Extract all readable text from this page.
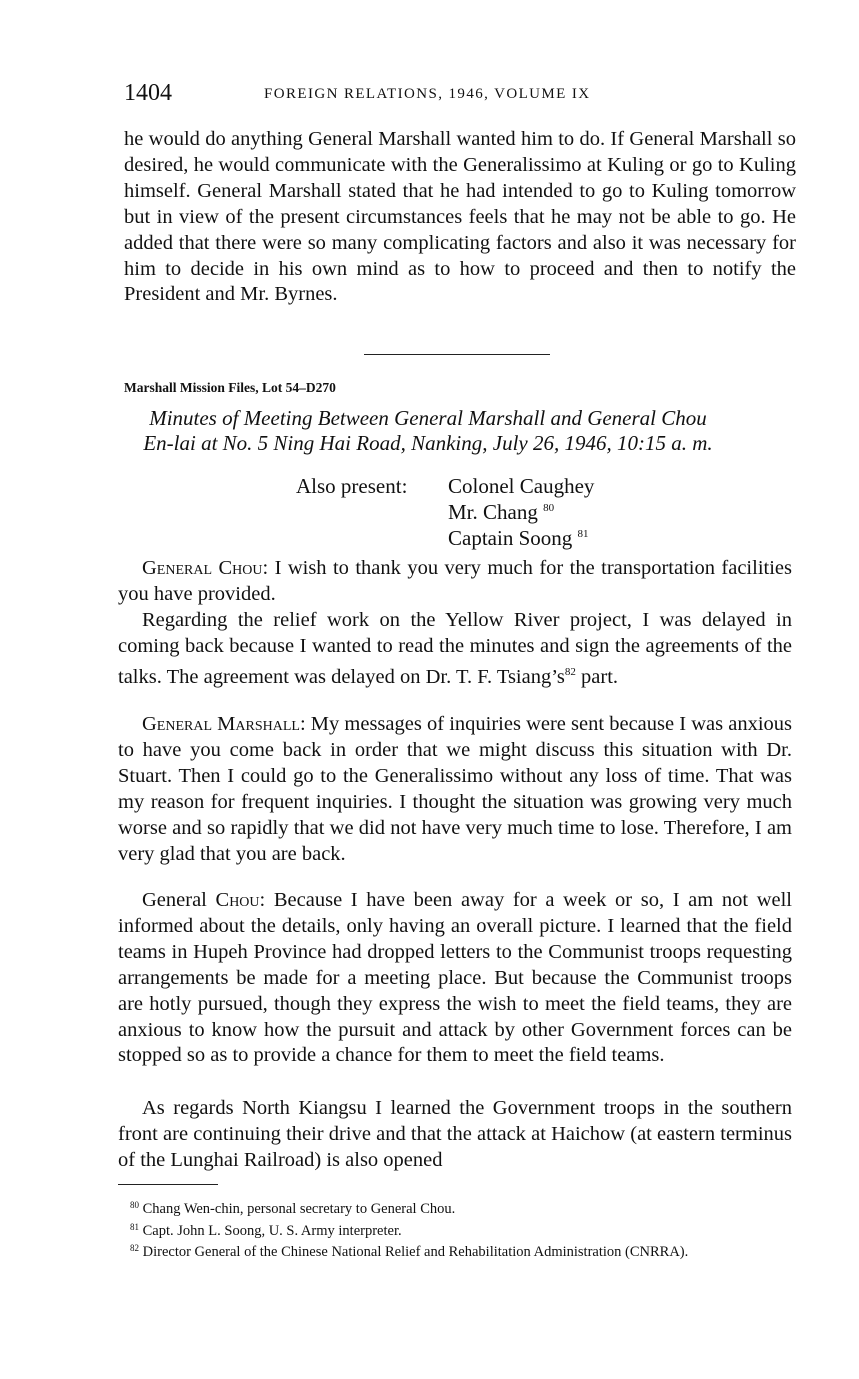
1404	FOREIGN RELATIONS, 1946, VOLUME IX

he would do anything General Marshall wanted him to do. If General Marshall so desired, he would communicate with the Generalissimo at Kuling or go to Kuling himself. General Marshall stated that he had intended to go to Kuling tomorrow but in view of the present circumstances feels that he may not be able to go. He added that there were so many complicating factors and also it was necessary for him to decide in his own mind as to how to proceed and then to notify the President and Mr. Byrnes.

Marshall Mission Files, Lot 54–D270
Minutes of Meeting Between General Marshall and General Chou
En-lai at No. 5 Ning Hai Road, Nanking, July 26, 1946, 10:15 a. m.
Also present: Colonel Caughey
Mr. Chang $^{80}$
Captain Soong $^{81}$

General Chou: I wish to thank you very much for the transportation facilities you have provided.

Regarding the relief work on the Yellow River project, I was delayed in coming back because I wanted to read the minutes and sign the agreements of the talks. The agreement was delayed on Dr. T. F. $Tsiang’s^{82}$ part.

General Marshall: My messages of inquiries were sent because I was anxious to have you come back in order that we might discuss this situation with Dr. Stuart. Then I could go to the Generalissimo without any loss of time. That was my reason for frequent inquiries. I thought the situation was growing very much worse and so rapidly that we did not have very much time to lose. Therefore, I am very glad that you are back.

General Chou: Because I have been away for a week or so, I am not well informed about the details, only having an overall picture. I learned that the field teams in Hupeh Province had dropped letters to the Communist troops requesting arrangements be made for a meeting place. But because the Communist troops are hotly pursued, though they express the wish to meet the field teams, they are anxious to know how the pursuit and attack by other Government forces can be stopped so as to provide a chance for them to meet the field teams.

As regards North Kiangsu I learned the Government troops in the southern front are continuing their drive and that the attack at Haichow (at eastern terminus of the Lunghai Railroad) is also opened

$^{80}$ Chang Wen-chin, personal secretary to General Chou.

$^{81}$ Capt. John L. Soong, U. S. Army interpreter.

$^{82}$ Director General of the Chinese National Relief and Rehabilitation Administration (CNRRA).
